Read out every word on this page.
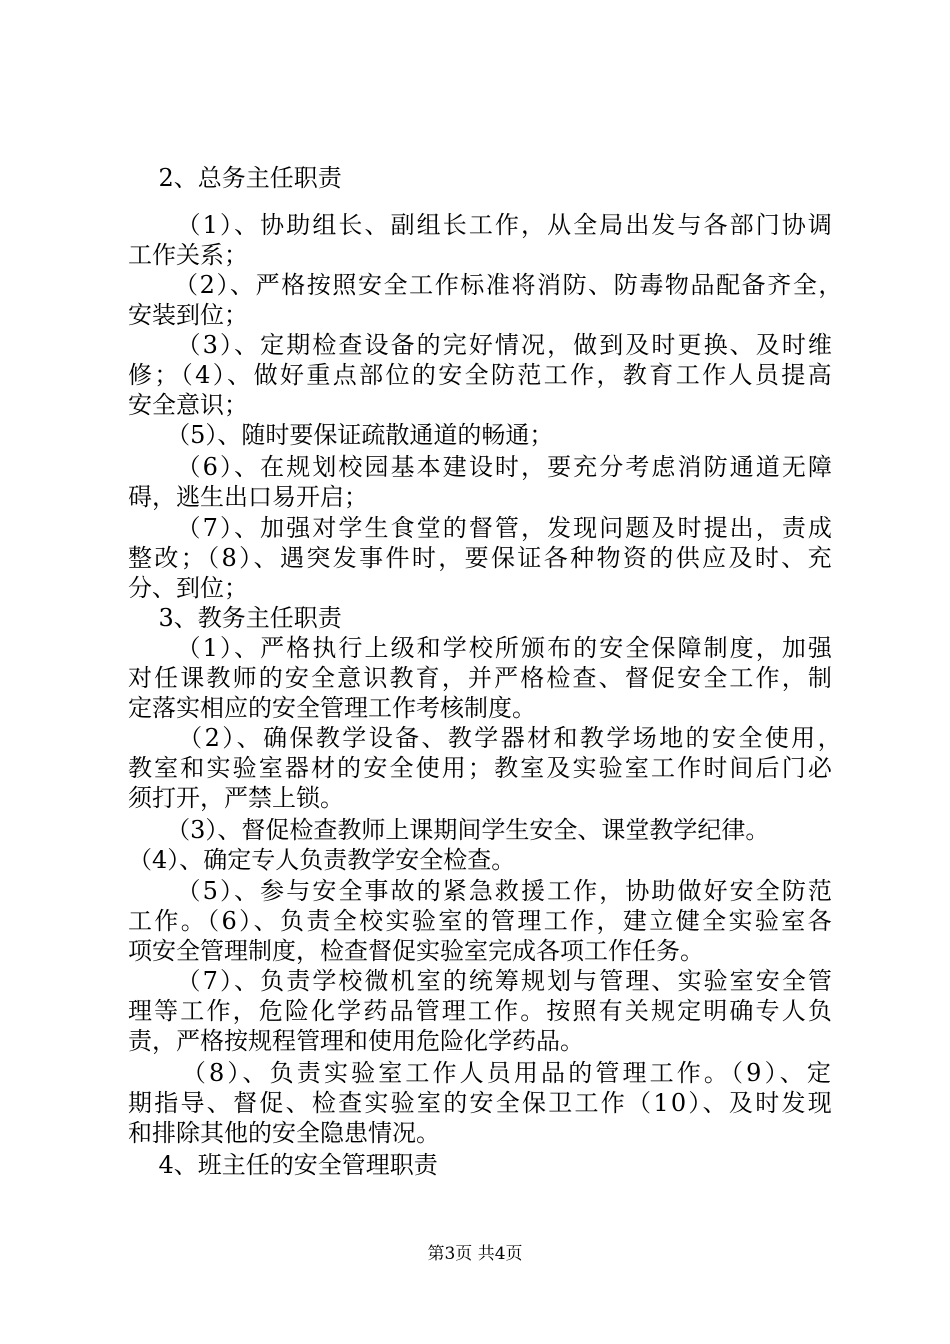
2、总务主任职责

（1）、协助组长、副组长工作，从全局出发与各部门协调

工作关系；

（2）、严格按照安全工作标准将消防、防毒物品配备齐全，

安装到位；

（3）、定期检查设备的完好情况，做到及时更换、及时维

修；（4）、做好重点部位的安全防范工作，教育工作人员提高

安全意识；

（5）、随时要保证疏散通道的畅通；

（6）、在规划校园基本建设时，要充分考虑消防通道无障

碍，逃生出口易开启；

（7）、加强对学生食堂的督管，发现问题及时提出，责成

整改；（8）、遇突发事件时，要保证各种物资的供应及时、充

分、到位；

3、教务主任职责

（1）、严格执行上级和学校所颁布的安全保障制度，加强

对任课教师的安全意识教育，并严格检查、督促安全工作，制

定落实相应的安全管理工作考核制度。

（2）、确保教学设备、教学器材和教学场地的安全使用，

教室和实验室器材的安全使用；教室及实验室工作时间后门必

须打开，严禁上锁。

（3）、督促检查教师上课期间学生安全、课堂教学纪律。

（4）、确定专人负责教学安全检查。

（5）、参与安全事故的紧急救援工作，协助做好安全防范

工作。（6）、负责全校实验室的管理工作，建立健全实验室各

项安全管理制度，检查督促实验室完成各项工作任务。

（7）、负责学校微机室的统筹规划与管理、实验室安全管

理等工作，危险化学药品管理工作。按照有关规定明确专人负

责，严格按规程管理和使用危险化学药品。

（8）、负责实验室工作人员用品的管理工作。（9）、定

期指导、督促、检查实验室的安全保卫工作（10）、及时发现

和排除其他的安全隐患情况。

4、班主任的安全管理职责

第3页 共4页
